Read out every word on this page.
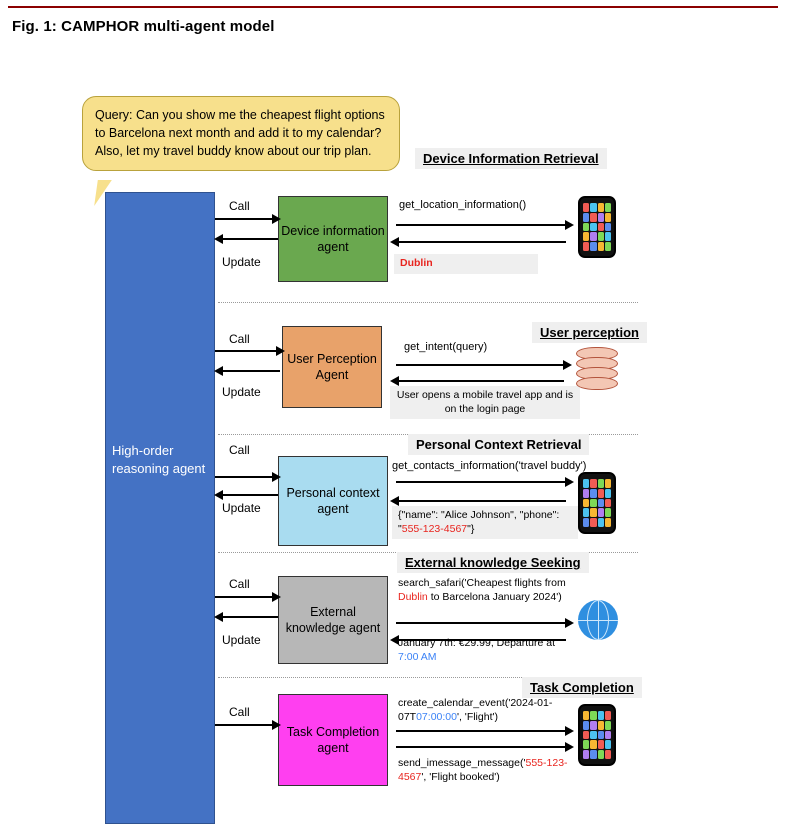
Fig. 1: CAMPHOR multi-agent model
Query: Can you show me the cheapest flight options to Barcelona next month and add it to my calendar? Also, let my travel buddy know about our trip plan.
High-order reasoning agent
Device Information Retrieval
Device information agent
Call
Update
get_location_information()
Dublin
User perception
User Perception Agent
Call
Update
get_intent(query)
User opens a mobile travel app and is on the login page
Personal Context Retrieval
Personal context agent
Call
Update
get_contacts_information('travel buddy')
{"name": "Alice Johnson", "phone": "555-123-4567"}
External knowledge Seeking
External knowledge agent
Call
Update
search_safari('Cheapest flights from Dublin to Barcelona January 2024')
January 7th: €29.99, Departure at 7:00 AM
Task Completion
Task Completion agent
Call
create_calendar_event('2024-01-07T07:00:00', 'Flight')
send_imessage_message('555-123-4567', 'Flight booked')
